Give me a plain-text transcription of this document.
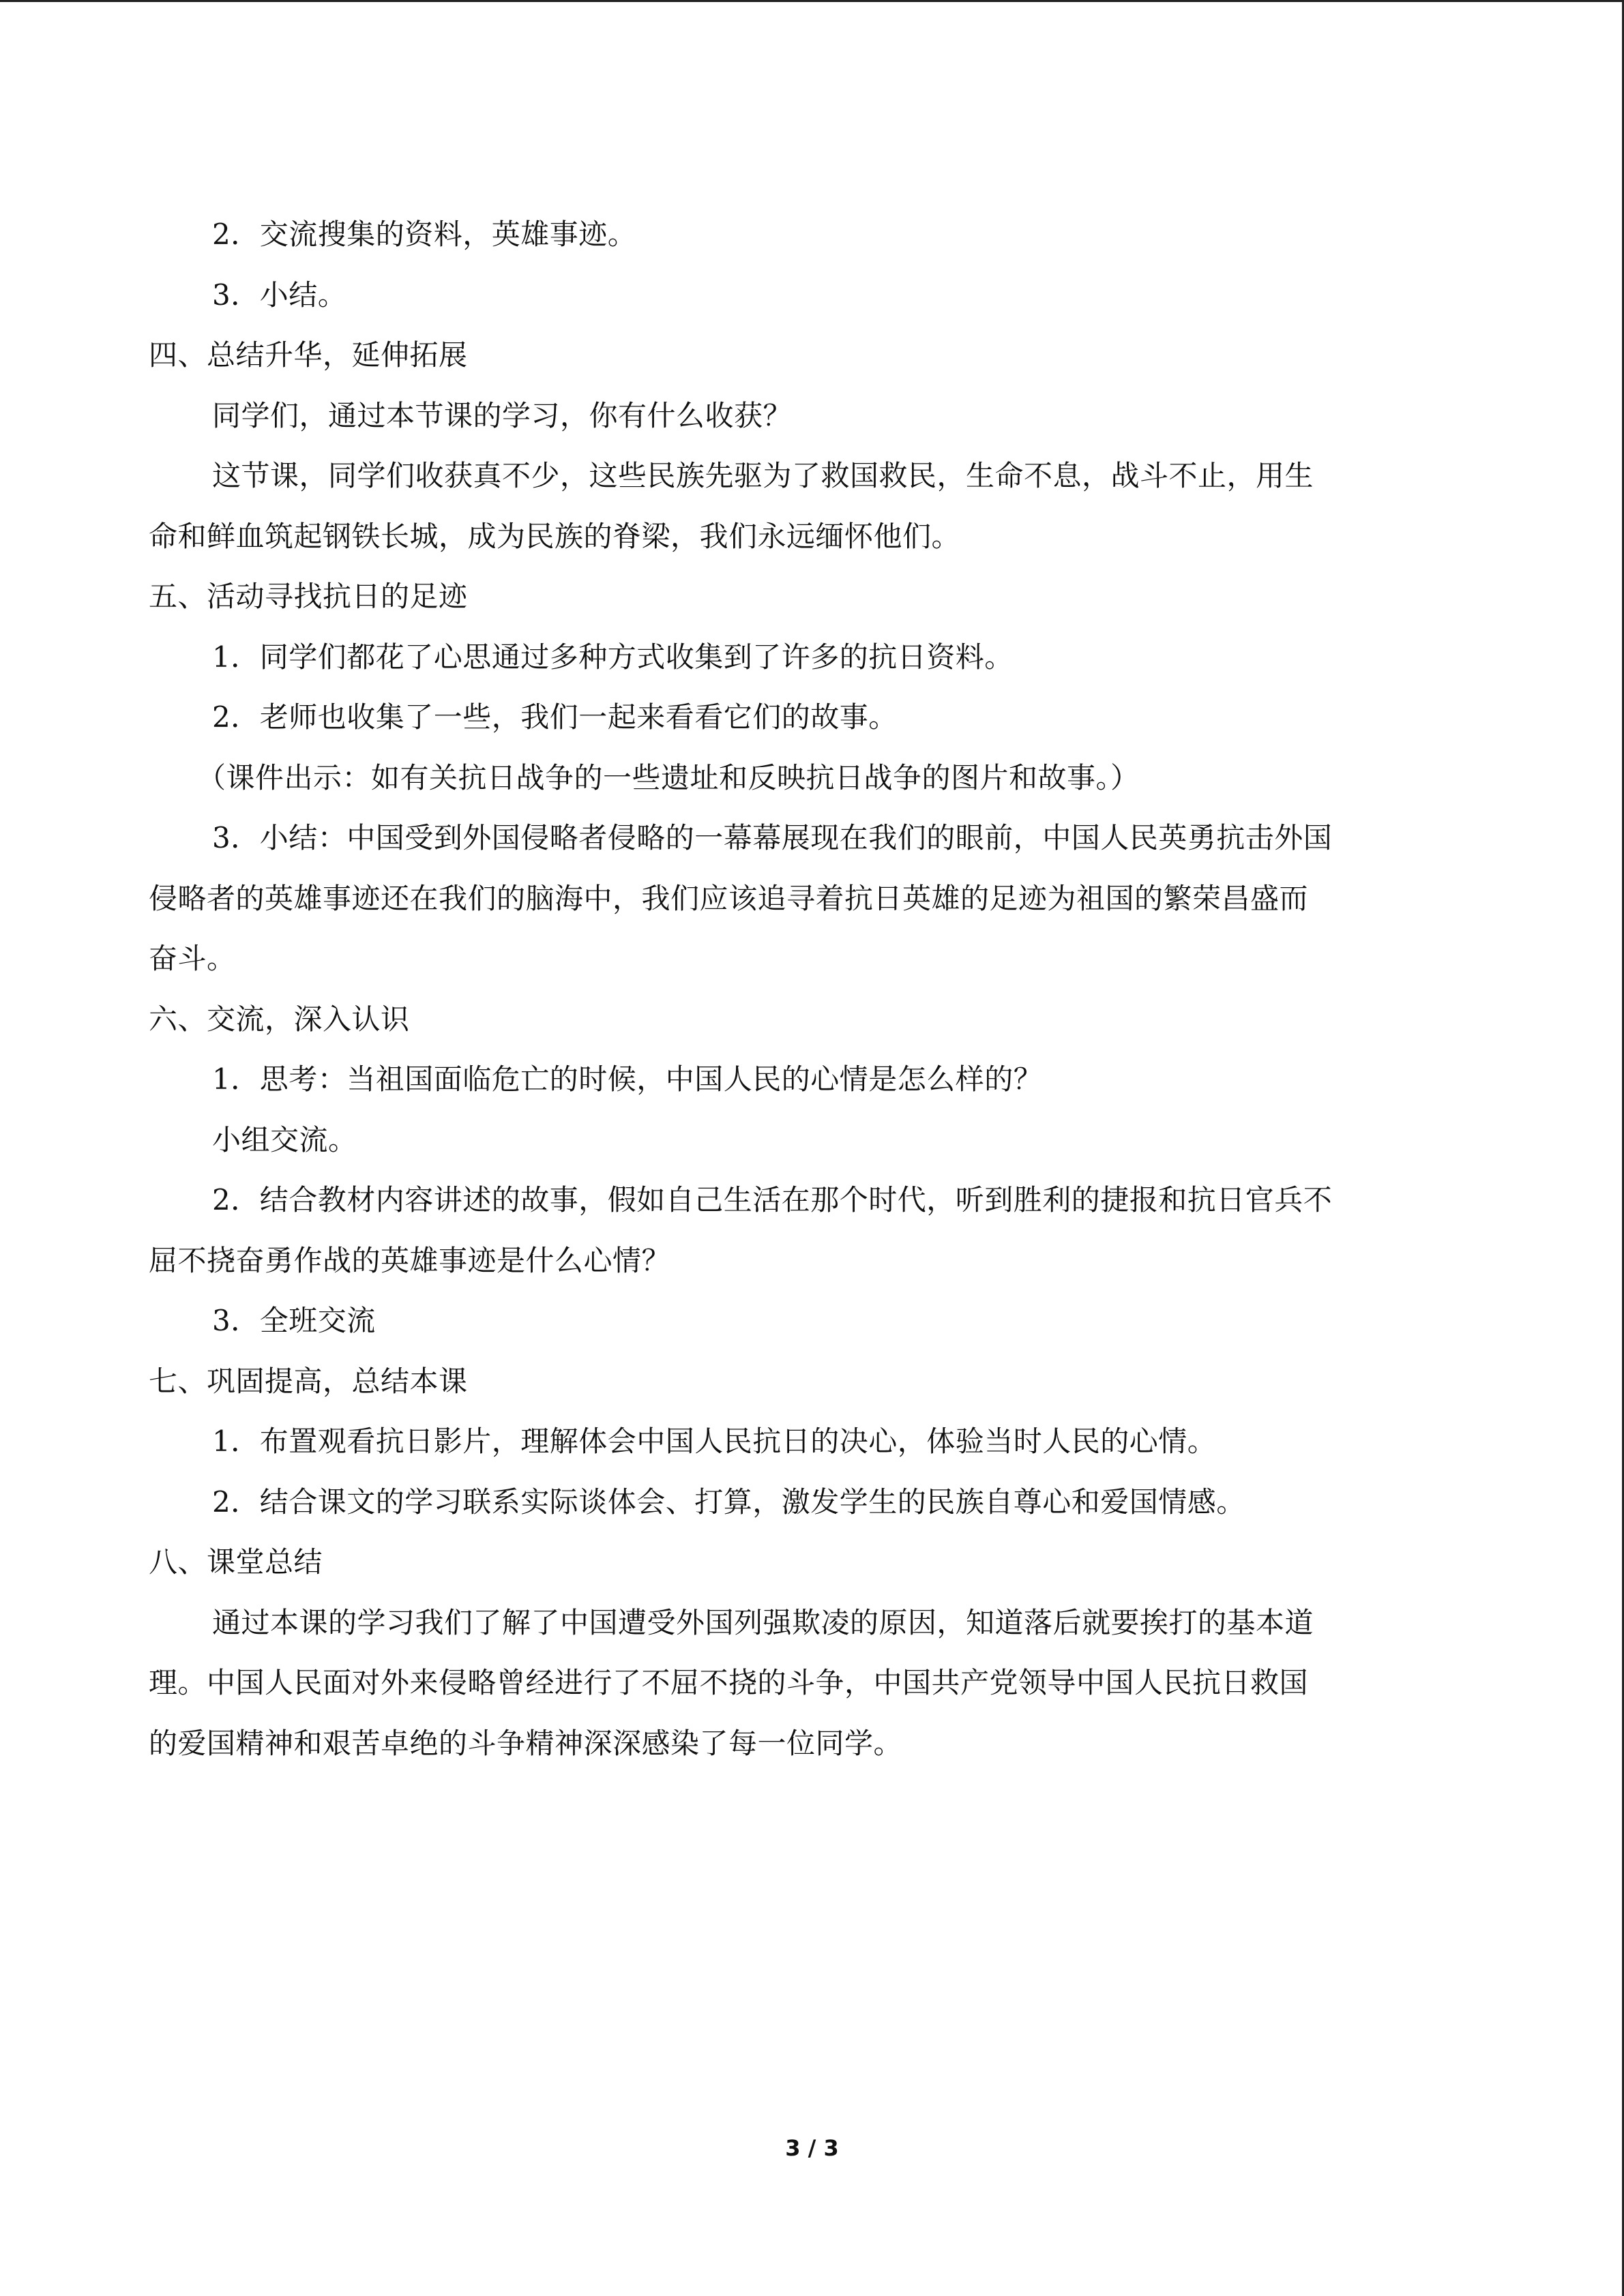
2．交流搜集的资料，英雄事迹。
3．小结。
四、总结升华，延伸拓展
同学们，通过本节课的学习，你有什么收获？
这节课，同学们收获真不少，这些民族先驱为了救国救民，生命不息，战斗不止，用生
命和鲜血筑起钢铁长城，成为民族的脊梁，我们永远缅怀他们。
五、活动寻找抗日的足迹
1．同学们都花了心思通过多种方式收集到了许多的抗日资料。
2．老师也收集了一些，我们一起来看看它们的故事。
（课件出示：如有关抗日战争的一些遗址和反映抗日战争的图片和故事。）
3．小结：中国受到外国侵略者侵略的一幕幕展现在我们的眼前，中国人民英勇抗击外国
侵略者的英雄事迹还在我们的脑海中，我们应该追寻着抗日英雄的足迹为祖国的繁荣昌盛而
奋斗。
六、交流，深入认识
1．思考：当祖国面临危亡的时候，中国人民的心情是怎么样的？
小组交流。
2．结合教材内容讲述的故事，假如自己生活在那个时代，听到胜利的捷报和抗日官兵不
屈不挠奋勇作战的英雄事迹是什么心情？
3．全班交流
七、巩固提高，总结本课
1．布置观看抗日影片，理解体会中国人民抗日的决心，体验当时人民的心情。
2．结合课文的学习联系实际谈体会、打算，激发学生的民族自尊心和爱国情感。
八、课堂总结
通过本课的学习我们了解了中国遭受外国列强欺凌的原因，知道落后就要挨打的基本道
理。中国人民面对外来侵略曾经进行了不屈不挠的斗争，中国共产党领导中国人民抗日救国
的爱国精神和艰苦卓绝的斗争精神深深感染了每一位同学。
3 / 3
